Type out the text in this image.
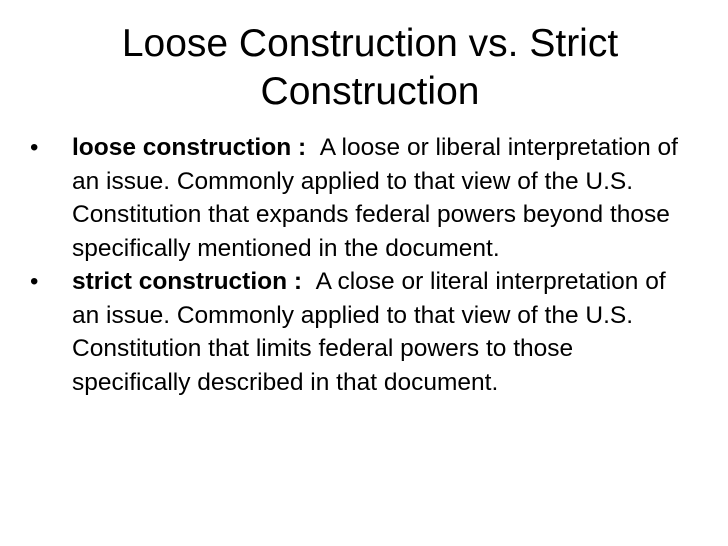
Loose Construction vs. Strict Construction
•	loose construction : A loose or liberal interpretation of an issue. Commonly applied to that view of the U.S. Constitution that expands federal powers beyond those specifically mentioned in the document.
•	strict construction : A close or literal interpretation of an issue. Commonly applied to that view of the U.S. Constitution that limits federal powers to those specifically described in that document.
